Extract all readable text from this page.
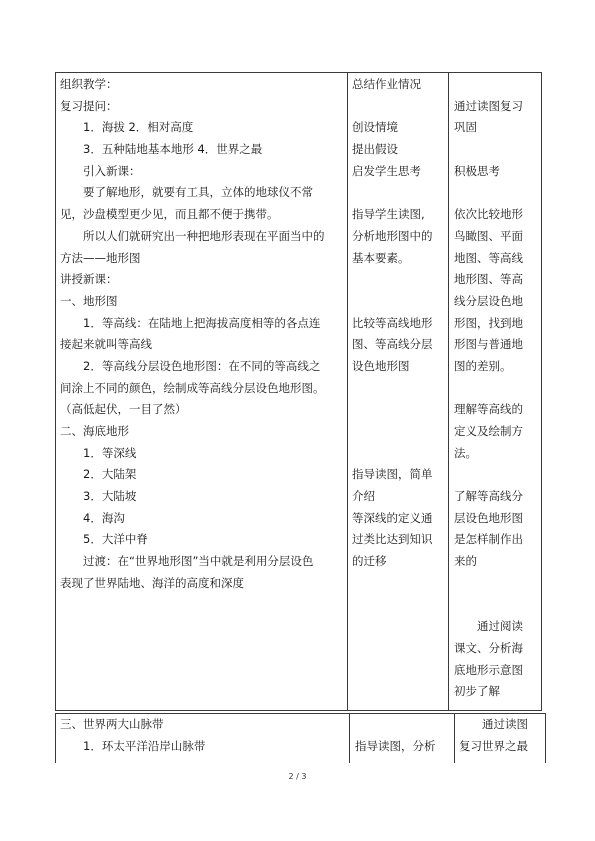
组织教学：
复习提问：
　　1．海拔 2．相对高度
　　3．五种陆地基本地形 4．世界之最
　　引入新课：
　　要了解地形，就要有工具，立体的地球仪不常
见，沙盘模型更少见，而且都不便于携带。
　　所以人们就研究出一种把地形表现在平面当中的
方法——地形图
讲授新课：
一、地形图
　　1．等高线：在陆地上把海拔高度相等的各点连
接起来就叫等高线
　　2．等高线分层设色地形图：在不同的等高线之
间涂上不同的颜色，绘制成等高线分层设色地形图。
（高低起伏，一目了然）
二、海底地形
　　1．等深线
　　2．大陆架
　　3．大陆坡
　　4．海沟
　　5．大洋中脊
　　过渡：在“世界地形图”当中就是利用分层设色
表现了世界陆地、海洋的高度和深度
总结作业情况
创设情境
提出假设
启发学生思考
指导学生读图,
分析地形图中的
基本要素。
比较等高线地形
图、等高线分层
设色地形图
指导读图，简单
介绍
等深线的定义通
过类比达到知识
的迁移
通过读图复习
巩固
积极思考
依次比较地形
鸟瞰图、平面
地图、等高线
地形图、等高
线分层设色地
形图，找到地
形图与普通地
图的差别。
理解等高线的
定义及绘制方
法。
了解等高线分
层设色地形图
是怎样制作出
来的
　　通过阅读
课文、分析海
底地形示意图
初步了解
三、世界两大山脉带
　　1．环太平洋沿岸山脉带	指导读图，分析
　　通过读图
复习世界之最
2 / 3
